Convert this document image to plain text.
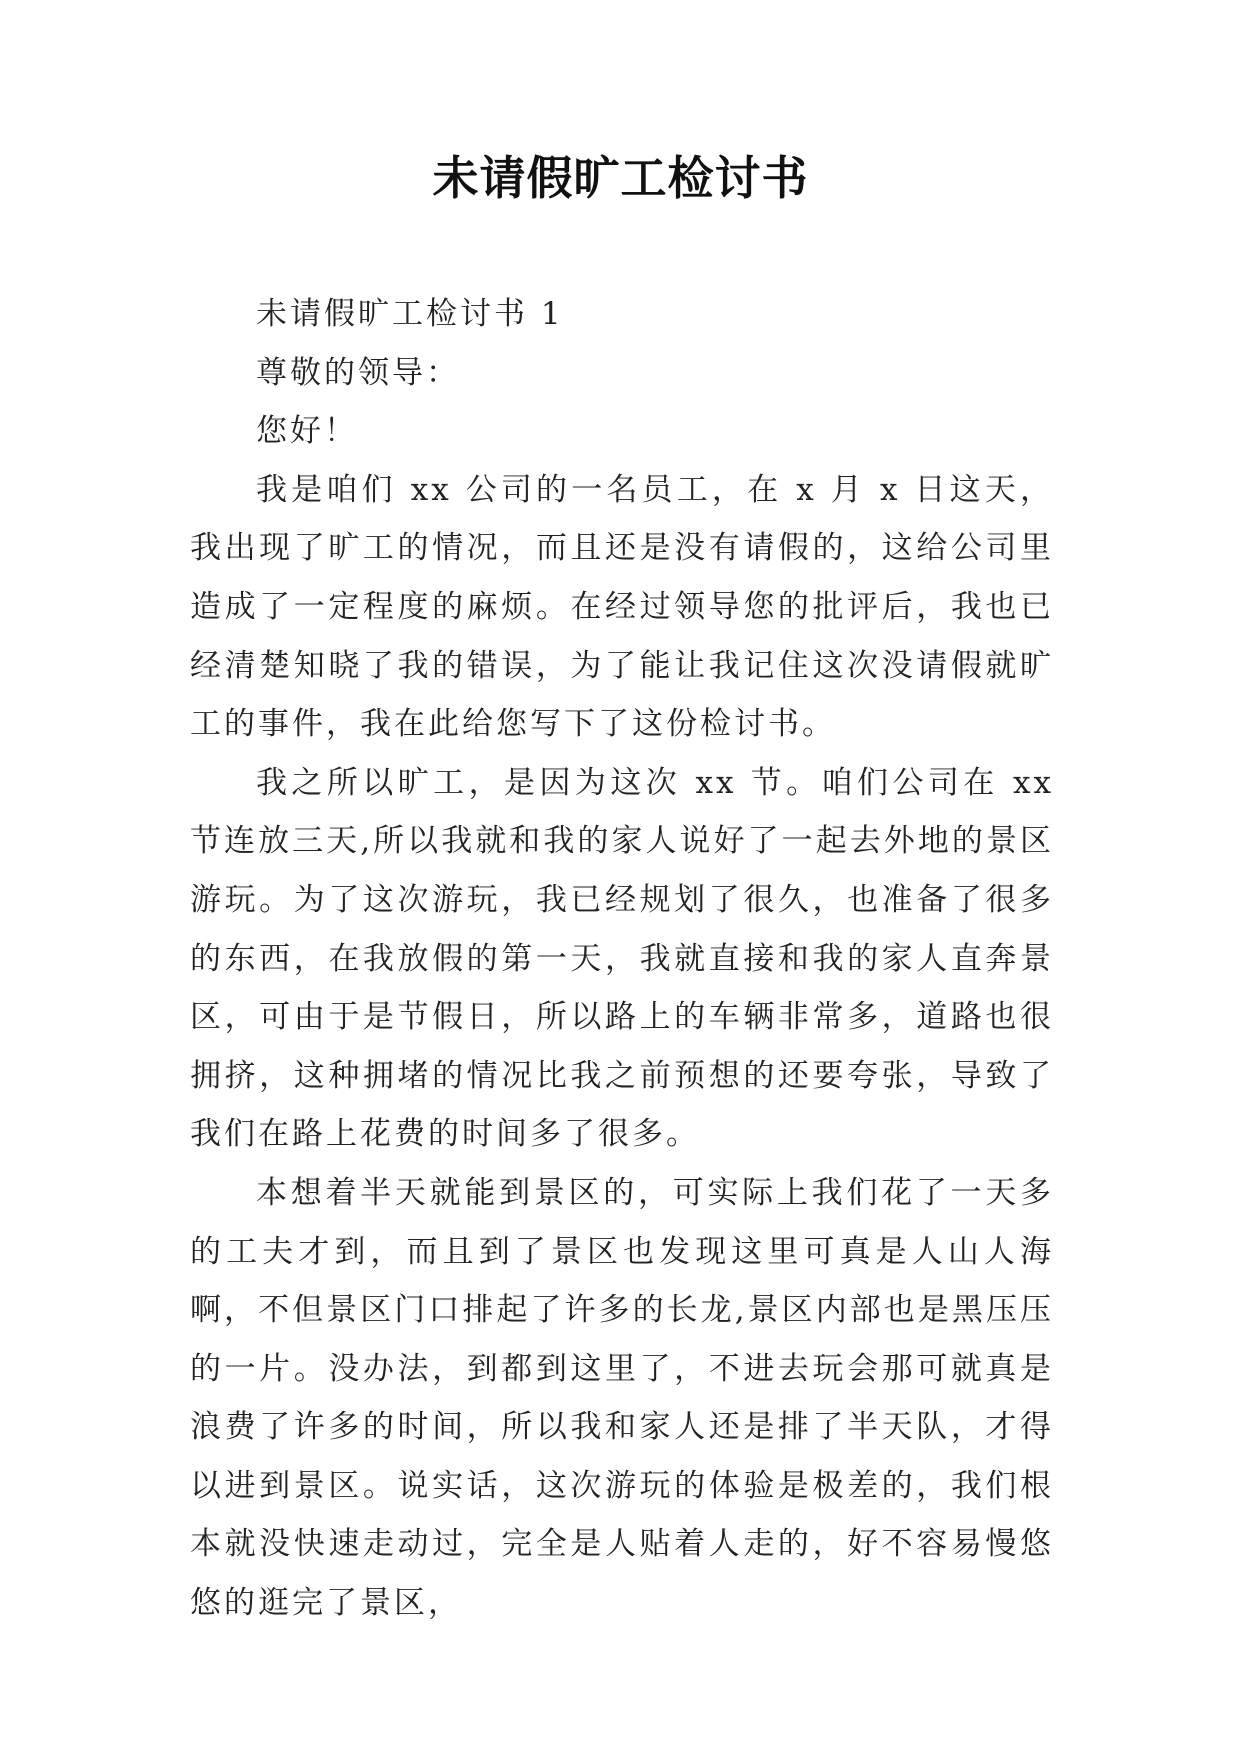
未请假旷工检讨书

未请假旷工检讨书 1

尊敬的领导：

您好！

我是咱们 xx 公司的一名员工，在 x 月 x 日这天，我出现了旷工的情况，而且还是没有请假的，这给公司里造成了一定程度的麻烦。在经过领导您的批评后，我也已经清楚知晓了我的错误，为了能让我记住这次没请假就旷工的事件，我在此给您写下了这份检讨书。

我之所以旷工，是因为这次 xx 节。咱们公司在 xx 节连放三天,所以我就和我的家人说好了一起去外地的景区游玩。为了这次游玩，我已经规划了很久，也准备了很多的东西，在我放假的第一天，我就直接和我的家人直奔景区，可由于是节假日，所以路上的车辆非常多，道路也很拥挤，这种拥堵的情况比我之前预想的还要夸张，导致了我们在路上花费的时间多了很多。

本想着半天就能到景区的，可实际上我们花了一天多的工夫才到，而且到了景区也发现这里可真是人山人海啊，不但景区门口排起了许多的长龙,景区内部也是黑压压的一片。没办法，到都到这里了，不进去玩会那可就真是浪费了许多的时间，所以我和家人还是排了半天队，才得以进到景区。说实话，这次游玩的体验是极差的，我们根本就没快速走动过，完全是人贴着人走的，好不容易慢悠悠的逛完了景区，
